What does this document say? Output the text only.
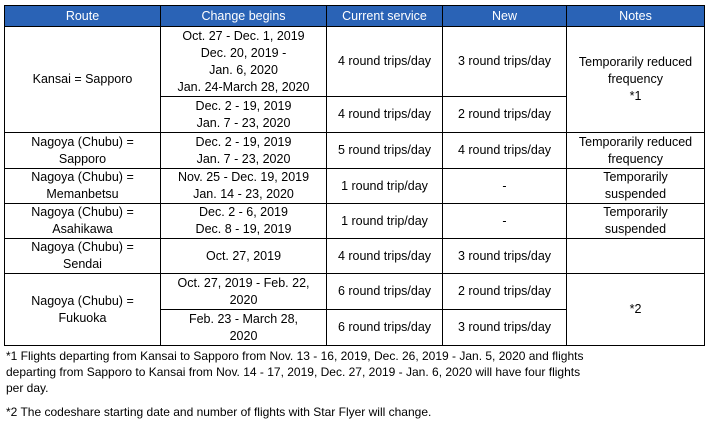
Route	Change begins	Current service	New	Notes
Kansai = Sapporo	Oct. 27 - Dec. 1, 2019
Dec. 20, 2019 -
Jan. 6, 2020
Jan. 24-March 28, 2020	4 round trips/day	3 round trips/day	Temporarily reduced
frequency
*1

	Dec. 2 - 19, 2019
Jan. 7 - 23, 2020	4 round trips/day	2 round trips/day	

Nagoya (Chubu) =
Sapporo	Dec. 2 - 19, 2019
Jan. 7 - 23, 2020	5 round trips/day	4 round trips/day	Temporarily reduced
frequency

Nagoya (Chubu) =
Memanbetsu	Nov. 25 - Dec. 19, 2019
Jan. 14 - 23, 2020	1 round trip/day	-	Temporarily
suspended

Nagoya (Chubu) =
Asahikawa	Dec. 2 - 6, 2019
Dec. 8 - 19, 2019	1 round trip/day	-	Temporarily
suspended

Nagoya (Chubu) =
Sendai	Oct. 27, 2019	4 round trips/day	3 round trips/day	

Nagoya (Chubu) =
Fukuoka	Oct. 27, 2019 - Feb. 22,
2020	6 round trips/day	2 round trips/day	*2

	Feb. 23 - March 28,
2020	6 round trips/day	3 round trips/day	
*1 Flights departing from Kansai to Sapporo from Nov. 13 - 16, 2019, Dec. 26, 2019 - Jan. 5, 2020 and flights
departing from Sapporo to Kansai from Nov. 14 - 17, 2019, Dec. 27, 2019 - Jan. 6, 2020 will have four flights
per day.
*2 The codeshare starting date and number of flights with Star Flyer will change.
